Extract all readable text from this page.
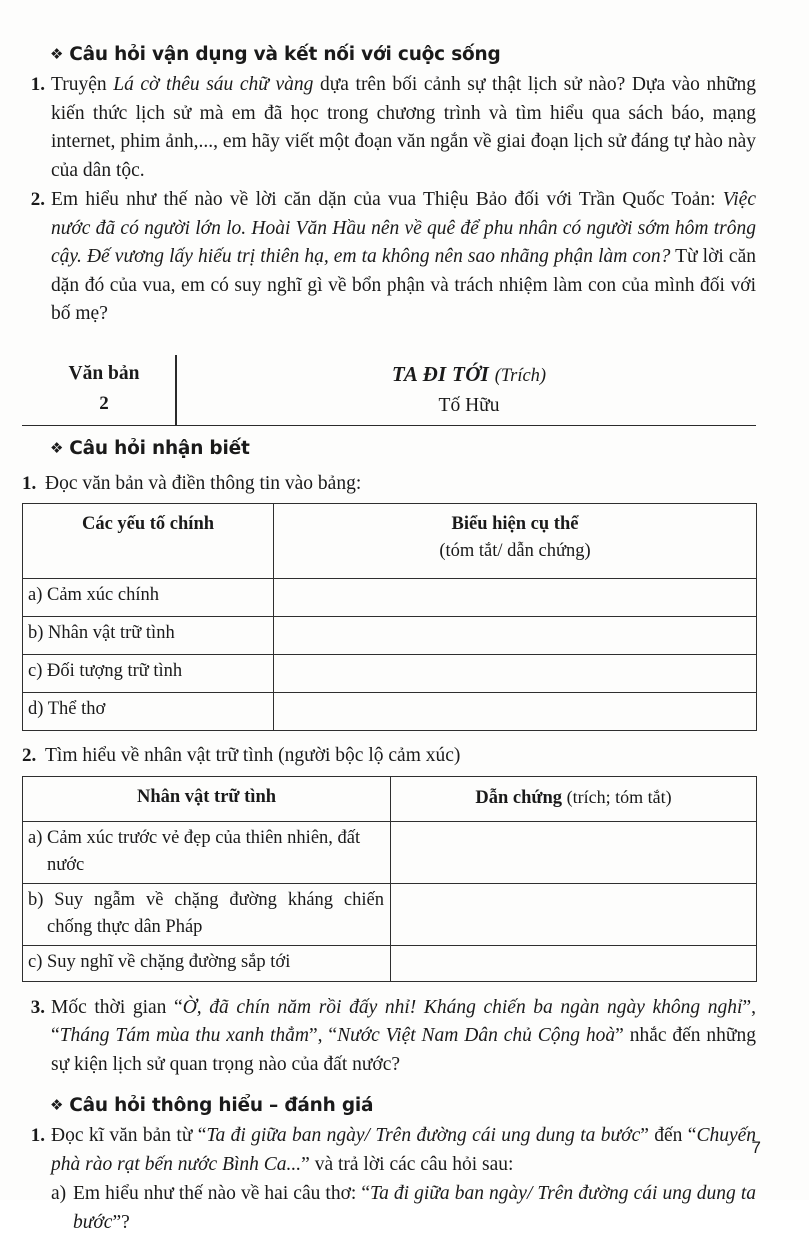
❖ Câu hỏi vận dụng và kết nối với cuộc sống
1. Truyện Lá cờ thêu sáu chữ vàng dựa trên bối cảnh sự thật lịch sử nào? Dựa vào những kiến thức lịch sử mà em đã học trong chương trình và tìm hiểu qua sách báo, mạng internet, phim ảnh,..., em hãy viết một đoạn văn ngắn về giai đoạn lịch sử đáng tự hào này của dân tộc.
2. Em hiểu như thế nào về lời căn dặn của vua Thiệu Bảo đối với Trần Quốc Toản: Việc nước đã có người lớn lo. Hoài Văn Hầu nên về quê để phu nhân có người sớm hôm trông cậy. Đế vương lấy hiếu trị thiên hạ, em ta không nên sao nhãng phận làm con? Từ lời căn dặn đó của vua, em có suy nghĩ gì về bổn phận và trách nhiệm làm con của mình đối với bố mẹ?
Văn bản
2
TA ĐI TỚI (Trích)
Tố Hữu
❖ Câu hỏi nhận biết
1. Đọc văn bản và điền thông tin vào bảng:
Các yếu tố chính	Biểu hiện cụ thể
(tóm tắt/ dẫn chứng)

a) Cảm xúc chính	
b) Nhân vật trữ tình	
c) Đối tượng trữ tình	
d) Thể thơ	
2. Tìm hiểu về nhân vật trữ tình (người bộc lộ cảm xúc)
Nhân vật trữ tình	Dẫn chứng (trích; tóm tắt)

a) Cảm xúc trước vẻ đẹp của thiên nhiên, đất nước	

b) Suy ngẫm về chặng đường kháng chiến chống thực dân Pháp	

c) Suy nghĩ về chặng đường sắp tới	
3. Mốc thời gian “Ờ, đã chín năm rồi đấy nhỉ! Kháng chiến ba ngàn ngày không nghỉ”, “Tháng Tám mùa thu xanh thẳm”, “Nước Việt Nam Dân chủ Cộng hoà” nhắc đến những sự kiện lịch sử quan trọng nào của đất nước?
❖ Câu hỏi thông hiểu – đánh giá
1. Đọc kĩ văn bản từ “Ta đi giữa ban ngày/ Trên đường cái ung dung ta bước” đến “Chuyến phà rào rạt bến nước Bình Ca...” và trả lời các câu hỏi sau:
a) Em hiểu như thế nào về hai câu thơ: “Ta đi giữa ban ngày/ Trên đường cái ung dung ta bước”?
7
